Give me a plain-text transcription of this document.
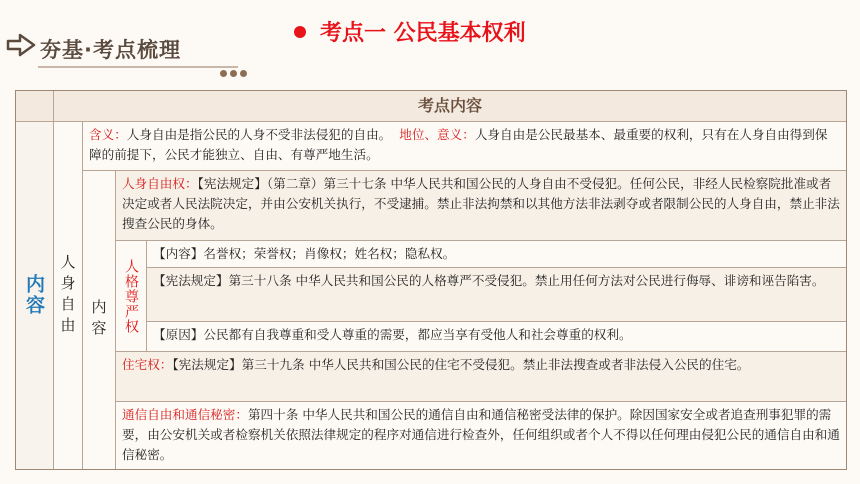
夯基·考点梳理
考点一 公民基本权利
考点内容
内容 人身自由 内容 人格尊严权
含义：人身自由是指公民的人身不受非法侵犯的自由。 地位、意义：人身自由是公民最基本、最重要的权利，只有在人身自由得到保障的前提下，公民才能独立、自由、有尊严地生活。
人身自由权：【宪法规定】（第二章）第三十七条 中华人民共和国公民的人身自由不受侵犯。任何公民，非经人民检察院批准或者决定或者人民法院决定，并由公安机关执行，不受逮捕。禁止非法拘禁和以其他方法非法剥夺或者限制公民的人身自由，禁止非法搜查公民的身体。
【内容】名誉权；荣誉权；肖像权；姓名权；隐私权。
【宪法规定】第三十八条 中华人民共和国公民的人格尊严不受侵犯。禁止用任何方法对公民进行侮辱、诽谤和诬告陷害。
【原因】公民都有自我尊重和受人尊重的需要，都应当享有受他人和社会尊重的权利。
住宅权：【宪法规定】第三十九条 中华人民共和国公民的住宅不受侵犯。禁止非法搜查或者非法侵入公民的住宅。
通信自由和通信秘密：第四十条 中华人民共和国公民的通信自由和通信秘密受法律的保护。除因国家安全或者追查刑事犯罪的需要，由公安机关或者检察机关依照法律规定的程序对通信进行检查外，任何组织或者个人不得以任何理由侵犯公民的通信自由和通信秘密。
